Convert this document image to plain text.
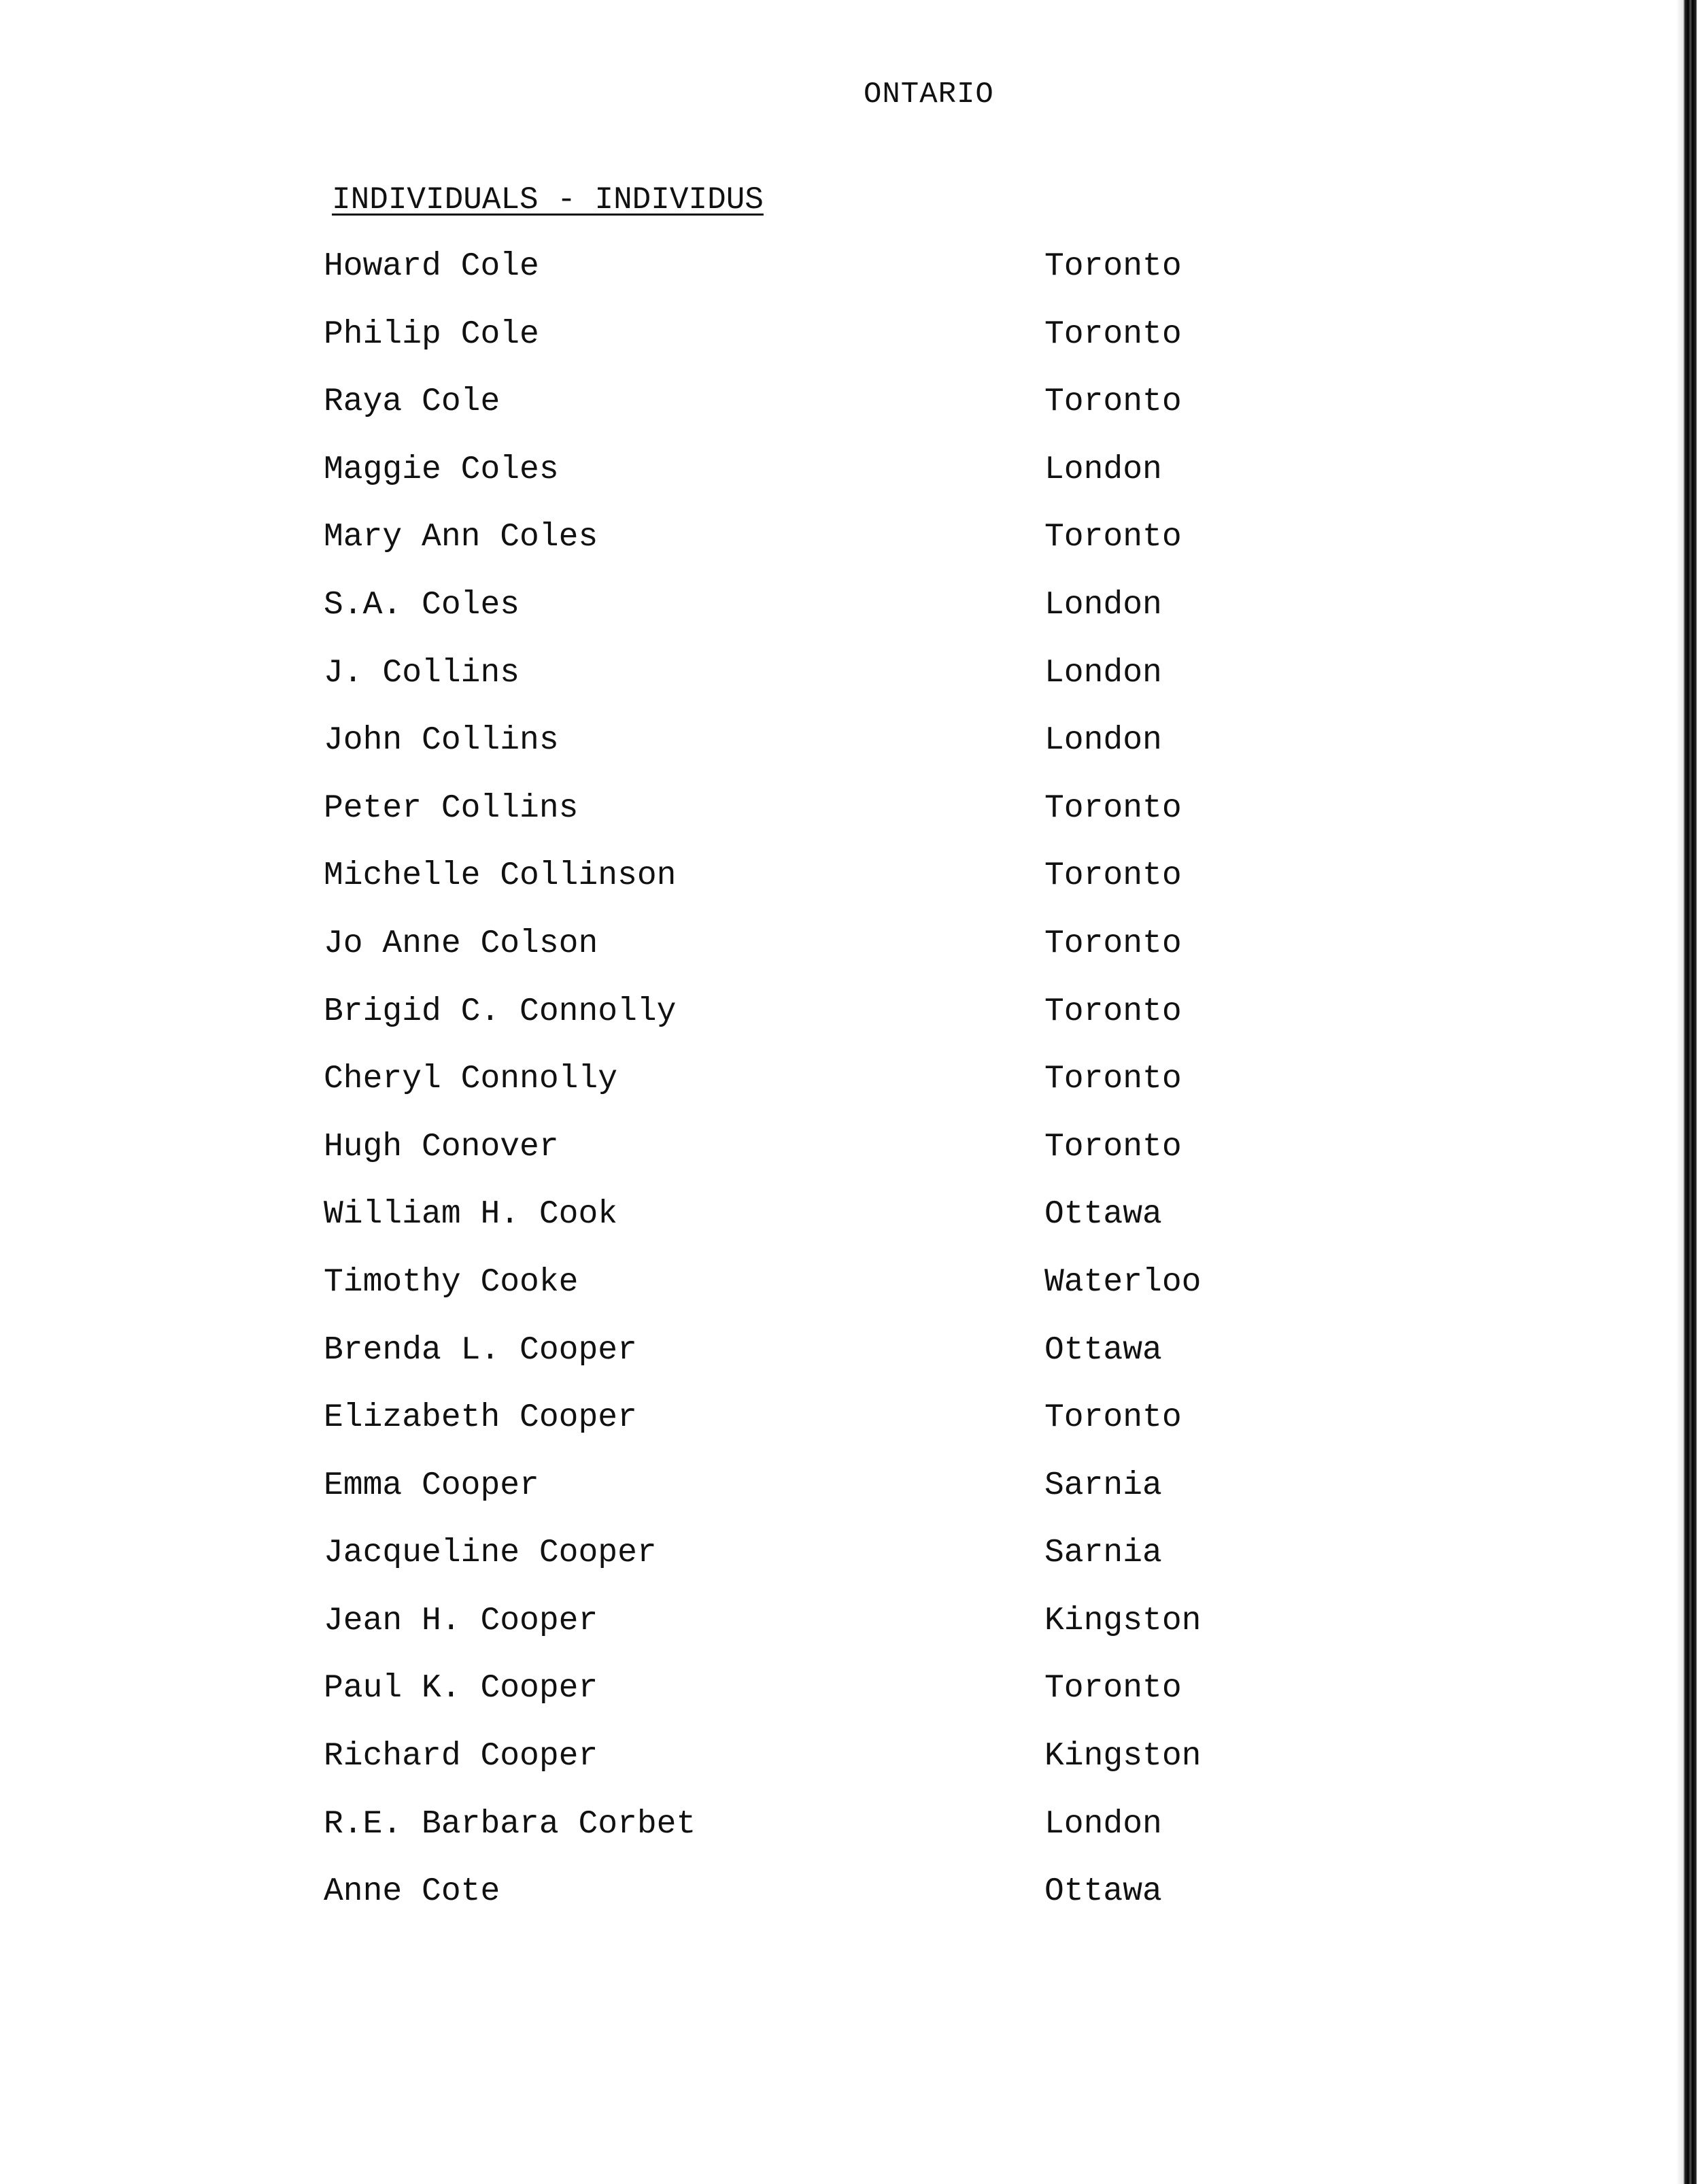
ONTARIO
INDIVIDUALS - INDIVIDUS
Howard Cole	Toronto
Philip Cole	Toronto
Raya Cole	Toronto
Maggie Coles	London
Mary Ann Coles	Toronto
S.A. Coles	London
J. Collins	London
John Collins	London
Peter Collins	Toronto
Michelle Collinson	Toronto
Jo Anne Colson	Toronto
Brigid C. Connolly	Toronto
Cheryl Connolly	Toronto
Hugh Conover	Toronto
William H. Cook	Ottawa
Timothy Cooke	Waterloo
Brenda L. Cooper	Ottawa
Elizabeth Cooper	Toronto
Emma Cooper	Sarnia
Jacqueline Cooper	Sarnia
Jean H. Cooper	Kingston
Paul K. Cooper	Toronto
Richard Cooper	Kingston
R.E. Barbara Corbet	London
Anne Cote	Ottawa
